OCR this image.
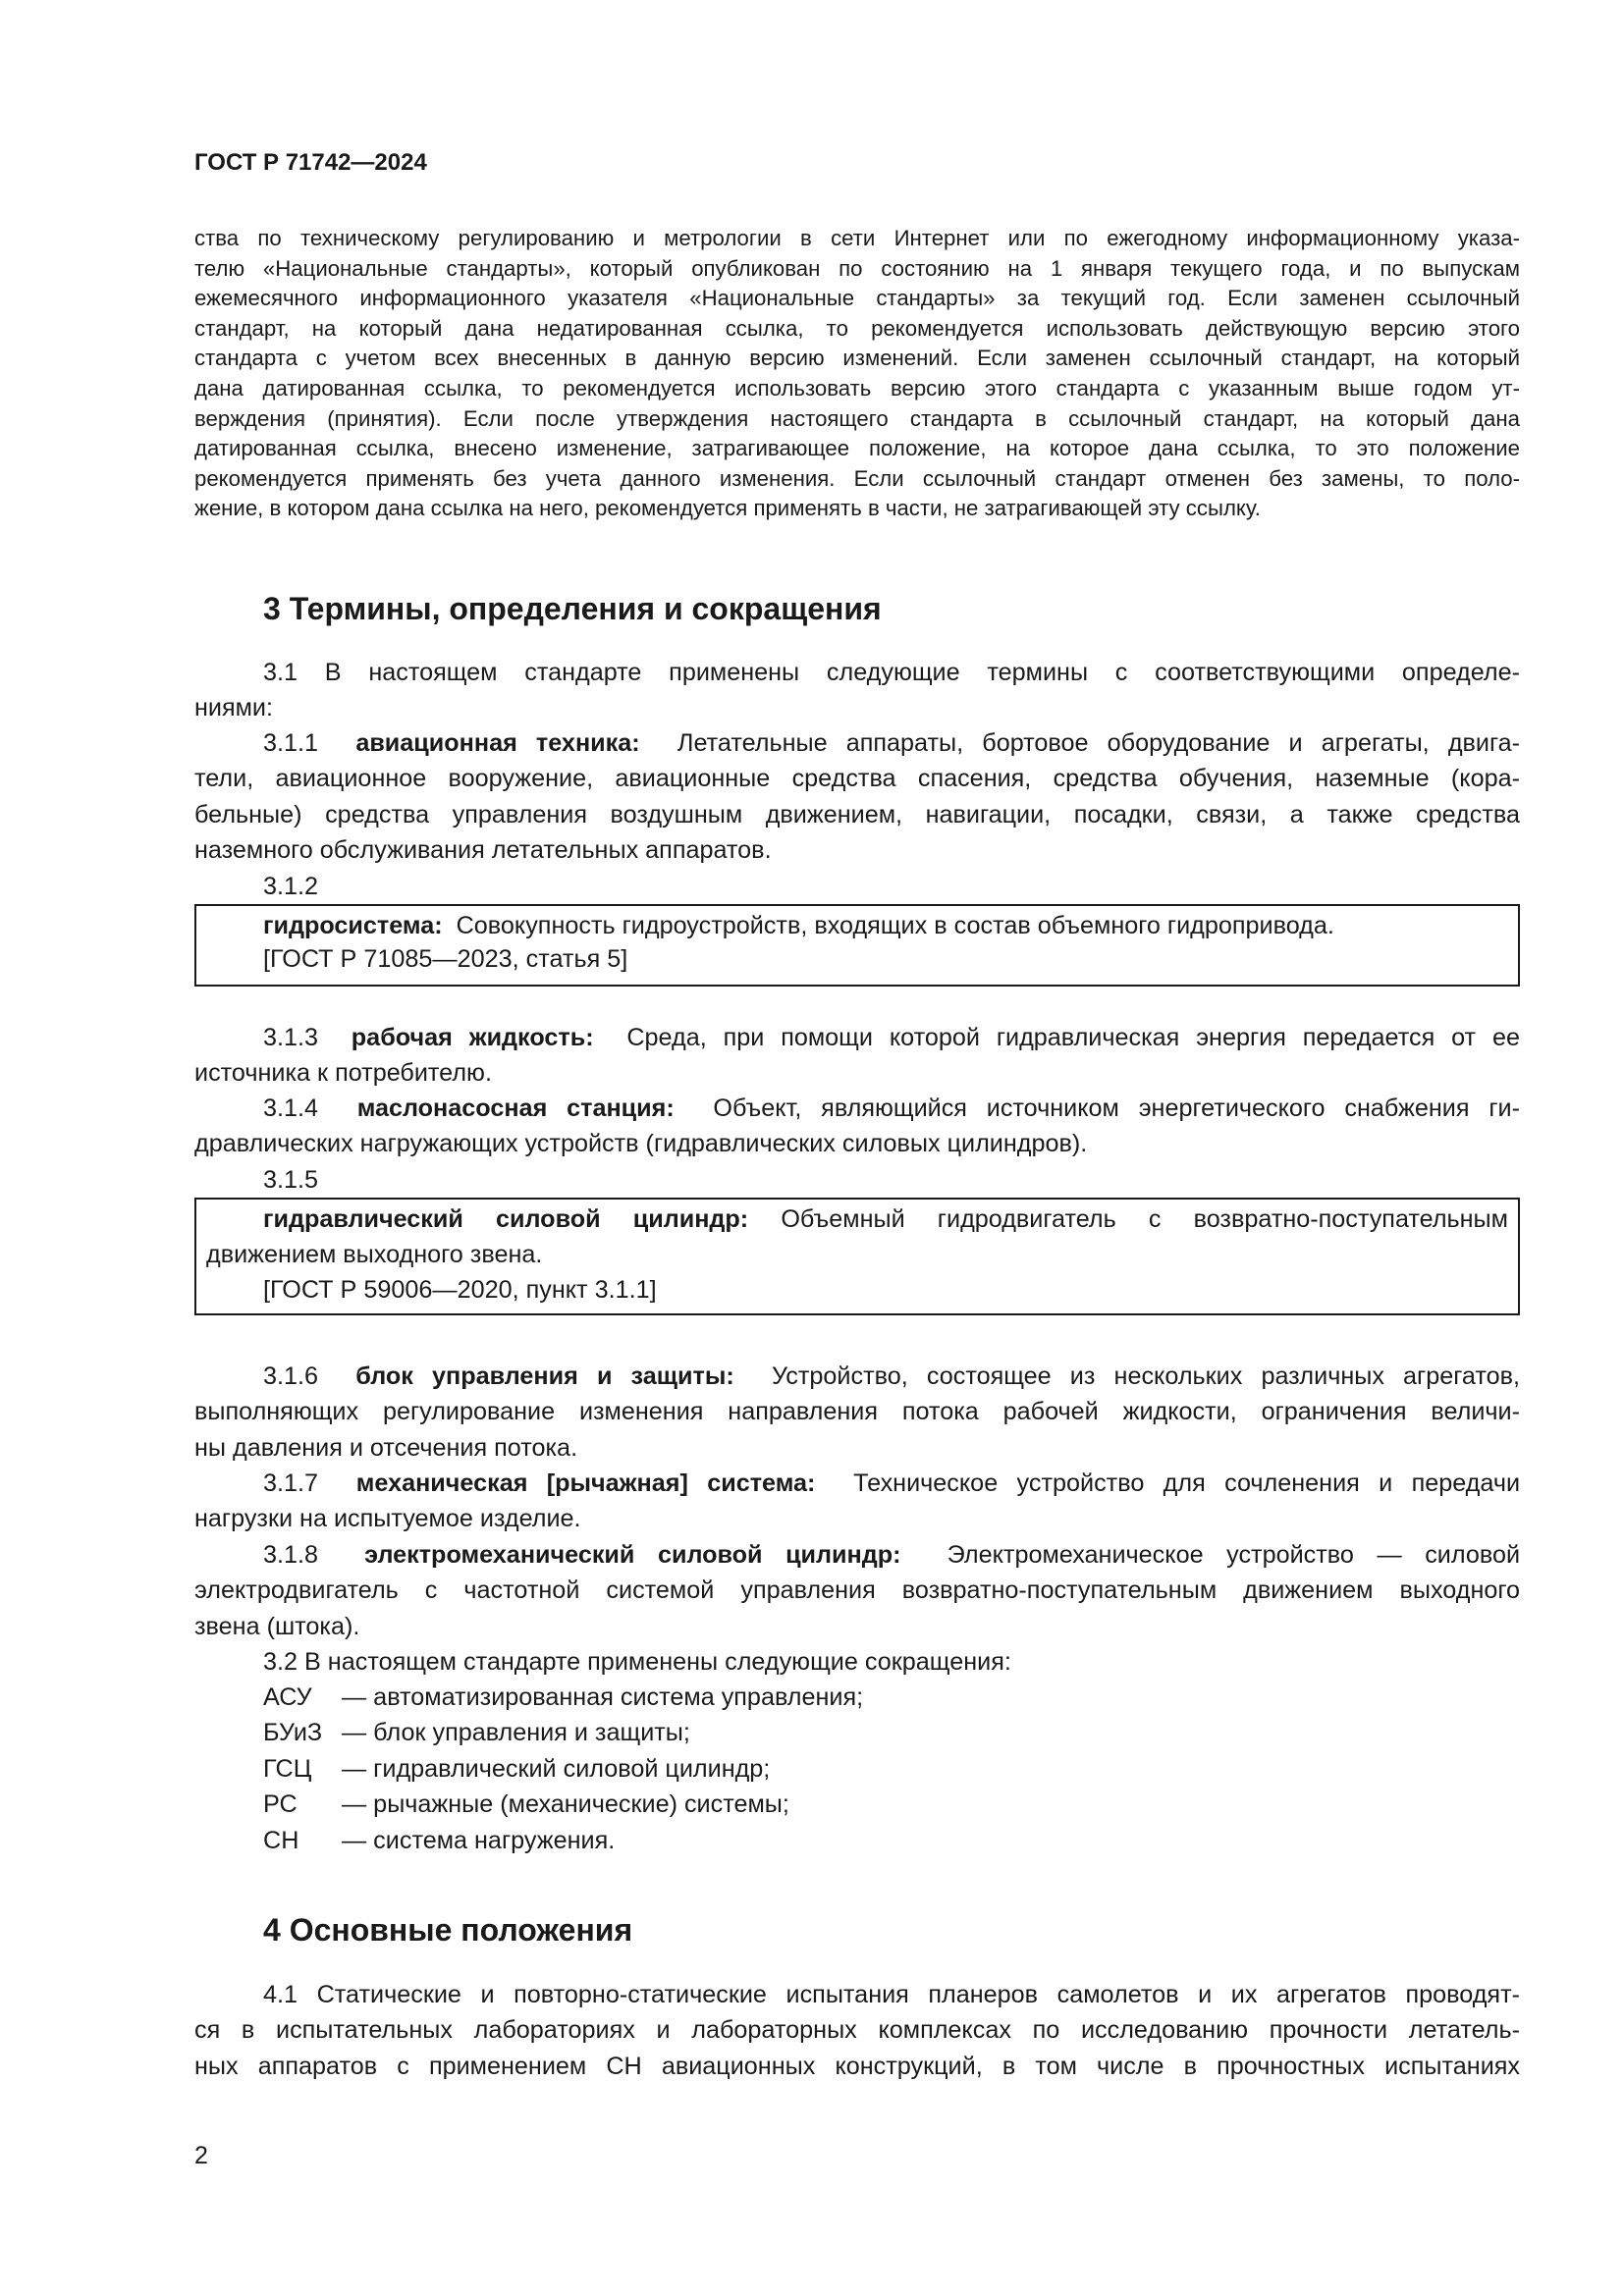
ГОСТ Р 71742—2024

ства по техническому регулированию и метрологии в сети Интернет или по ежегодному информационному указа-

телю «Национальные стандарты», который опубликован по состоянию на 1 января текущего года, и по выпускам

ежемесячного информационного указателя «Национальные стандарты» за текущий год. Если заменен ссылочный

стандарт, на который дана недатированная ссылка, то рекомендуется использовать действующую версию этого

стандарта с учетом всех внесенных в данную версию изменений. Если заменен ссылочный стандарт, на который

дана датированная ссылка, то рекомендуется использовать версию этого стандарта с указанным выше годом ут-

верждения (принятия). Если после утверждения настоящего стандарта в ссылочный стандарт, на который дана

датированная ссылка, внесено изменение, затрагивающее положение, на которое дана ссылка, то это положение

рекомендуется применять без учета данного изменения. Если ссылочный стандарт отменен без замены, то поло-

жение, в котором дана ссылка на него, рекомендуется применять в части, не затрагивающей эту ссылку.

3 Термины, определения и сокращения
3.1 В настоящем стандарте применены следующие термины с соответствующими определе-
ниями:
3.1.1 авиационная техника: Летательные аппараты, бортовое оборудование и агрегаты, двига-
тели, авиационное вооружение, авиационные средства спасения, средства обучения, наземные (кора-
бельные) средства управления воздушным движением, навигации, посадки, связи, а также средства
наземного обслуживания летательных аппаратов.
3.1.2
гидросистема: Совокупность гидроустройств, входящих в состав объемного гидропривода.
[ГОСТ Р 71085—2023, статья 5]
3.1.3 рабочая жидкость: Среда, при помощи которой гидравлическая энергия передается от ее
источника к потребителю.
3.1.4 маслонасосная станция: Объект, являющийся источником энергетического снабжения ги-
дравлических нагружающих устройств (гидравлических силовых цилиндров).
3.1.5
гидравлический силовой цилиндр: Объемный гидродвигатель с возвратно-поступательным
движением выходного звена.
[ГОСТ Р 59006—2020, пункт 3.1.1]
3.1.6 блок управления и защиты: Устройство, состоящее из нескольких различных агрегатов,
выполняющих регулирование изменения направления потока рабочей жидкости, ограничения величи-
ны давления и отсечения потока.
3.1.7 механическая [рычажная] система: Техническое устройство для сочленения и передачи
нагрузки на испытуемое изделие.
3.1.8 электромеханический силовой цилиндр: Электромеханическое устройство — силовой
электродвигатель с частотной системой управления возвратно-поступательным движением выходного
звена (штока).
3.2 В настоящем стандарте применены следующие сокращения:
АСУ — автоматизированная система управления;
БУиЗ — блок управления и защиты;
ГСЦ — гидравлический силовой цилиндр;
РС — рычажные (механические) системы;
СН — система нагружения.
4 Основные положения
4.1 Статические и повторно-статические испытания планеров самолетов и их агрегатов проводят-
ся в испытательных лабораториях и лабораторных комплексах по исследованию прочности летатель-
ных аппаратов с применением СН авиационных конструкций, в том числе в прочностных испытаниях
2
